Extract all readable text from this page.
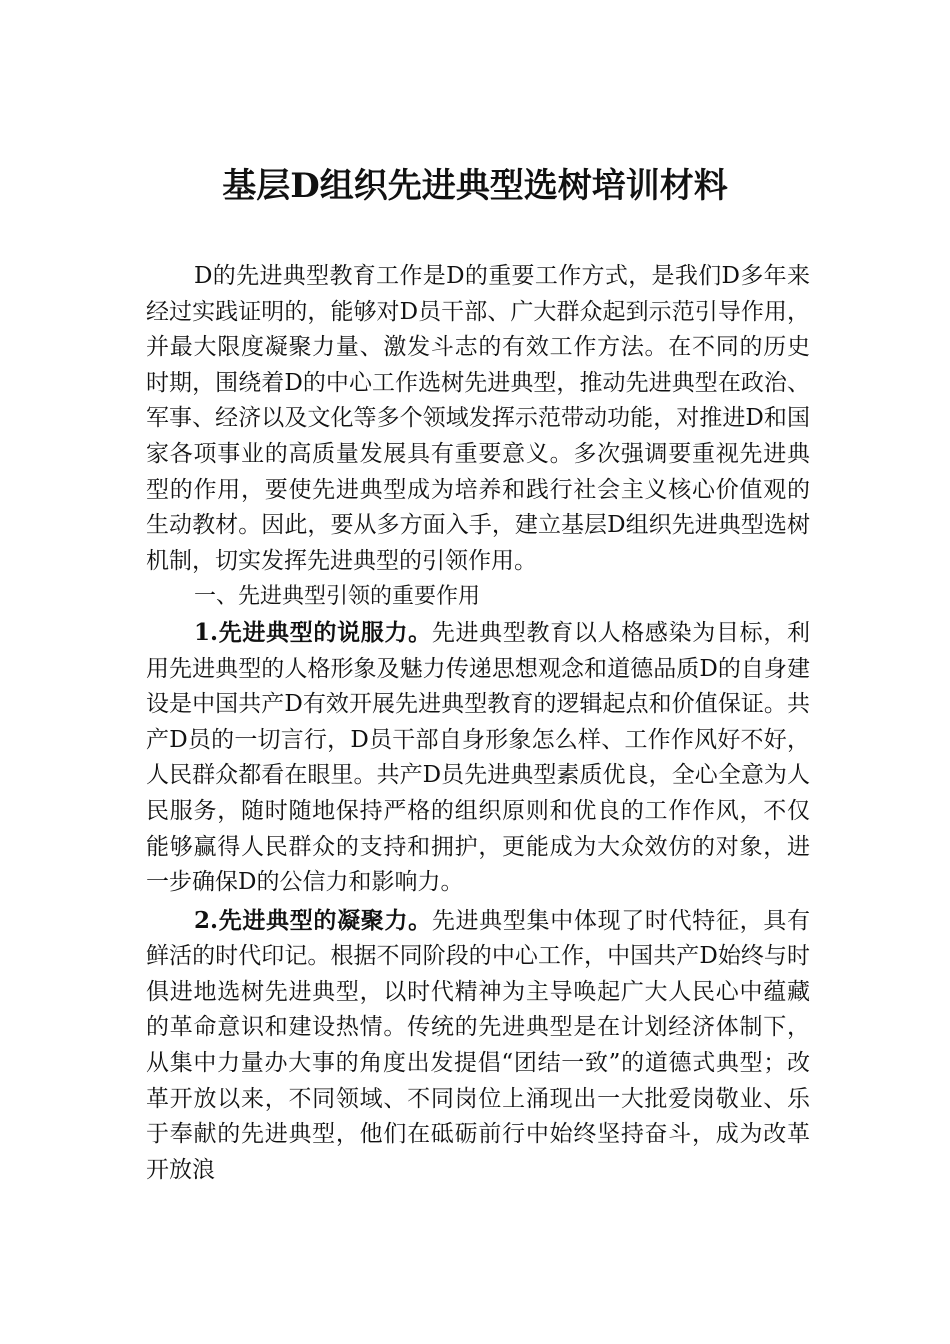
基层D组织先进典型选树培训材料

D的先进典型教育工作是D的重要工作方式，是我们D多年来经过实践证明的，能够对D员干部、广大群众起到示范引导作用，并最大限度凝聚力量、激发斗志的有效工作方法。在不同的历史时期，围绕着D的中心工作选树先进典型，推动先进典型在政治、军事、经济以及文化等多个领域发挥示范带动功能，对推进D和国家各项事业的高质量发展具有重要意义。多次强调要重视先进典型的作用，要使先进典型成为培养和践行社会主义核心价值观的生动教材。因此，要从多方面入手，建立基层D组织先进典型选树机制，切实发挥先进典型的引领作用。

一、先进典型引领的重要作用

1.先进典型的说服力。先进典型教育以人格感染为目标，利用先进典型的人格形象及魅力传递思想观念和道德品质D的自身建设是中国共产D有效开展先进典型教育的逻辑起点和价值保证。共产D员的一切言行，D员干部自身形象怎么样、工作作风好不好，人民群众都看在眼里。共产D员先进典型素质优良，全心全意为人民服务，随时随地保持严格的组织原则和优良的工作作风，不仅能够赢得人民群众的支持和拥护，更能成为大众效仿的对象，进一步确保D的公信力和影响力。

2.先进典型的凝聚力。先进典型集中体现了时代特征，具有鲜活的时代印记。根据不同阶段的中心工作，中国共产D始终与时俱进地选树先进典型，以时代精神为主导唤起广大人民心中蕴藏的革命意识和建设热情。传统的先进典型是在计划经济体制下，从集中力量办大事的角度出发提倡“团结一致”的道德式典型；改革开放以来，不同领域、不同岗位上涌现出一大批爱岗敬业、乐于奉献的先进典型，他们在砥砺前行中始终坚持奋斗，成为改革开放浪
